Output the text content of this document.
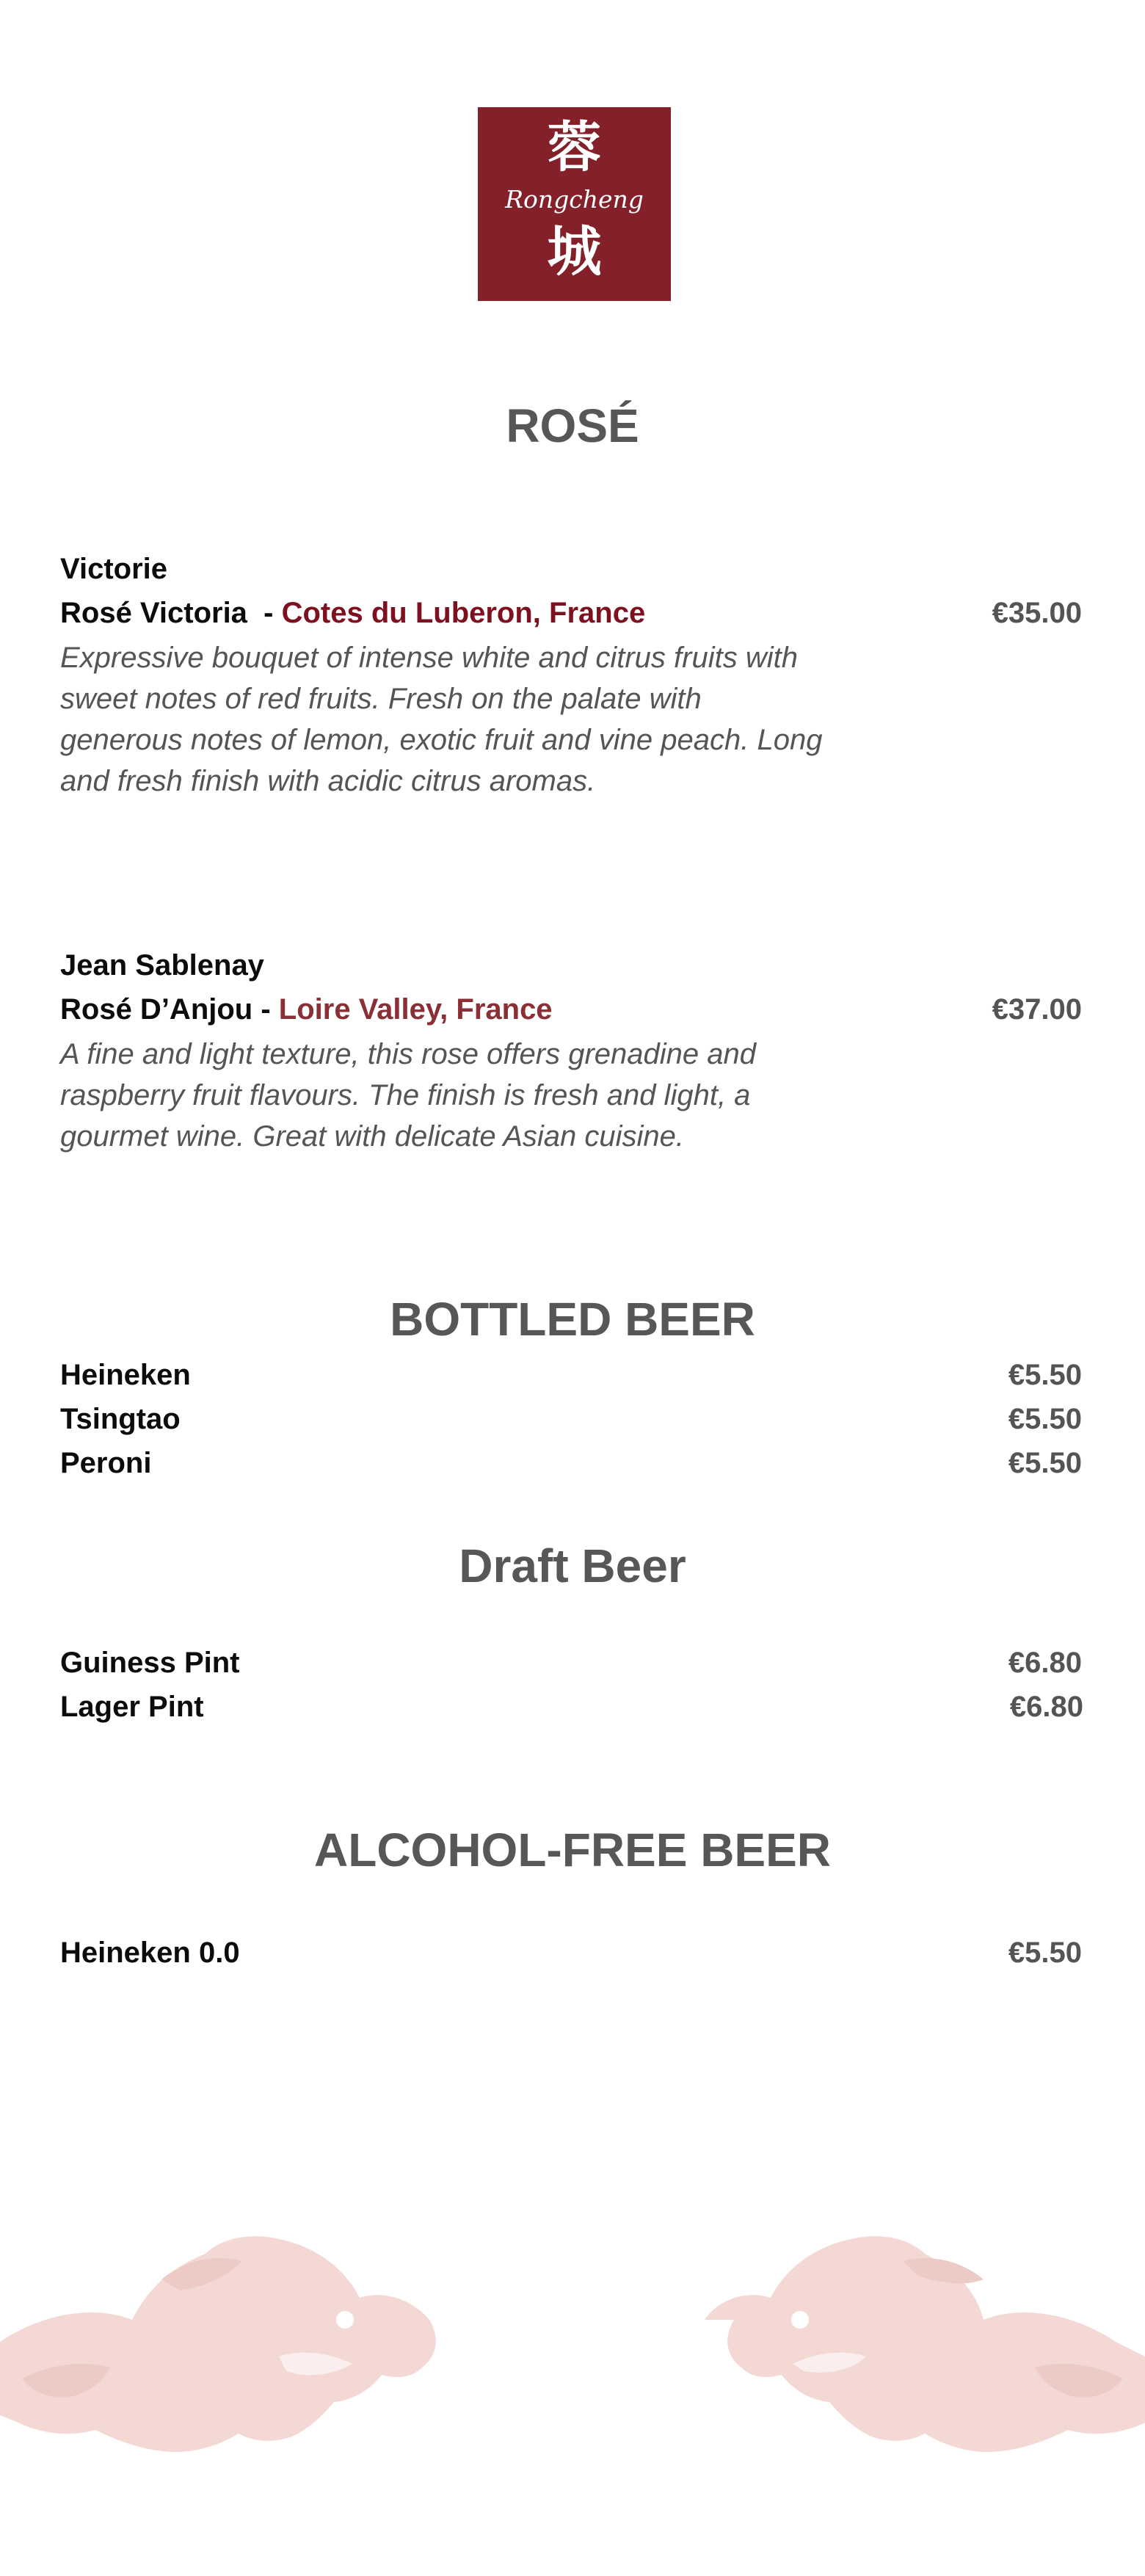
蓉
Rongcheng
城
ROSÉ
Victorie
Rosé Victoria  - Cotes du Luberon, France	€35.00
Expressive bouquet of intense white and citrus fruits with
sweet notes of red fruits. Fresh on the palate with
generous notes of lemon, exotic fruit and vine peach. Long
and fresh finish with acidic citrus aromas.
Jean Sablenay
Rosé D’Anjou - Loire Valley, France	€37.00
A fine and light texture, this rose offers grenadine and
raspberry fruit flavours. The finish is fresh and light, a
gourmet wine. Great with delicate Asian cuisine.
BOTTLED BEER
Heineken	€5.50
Tsingtao	€5.50
Peroni	€5.50
Draft Beer
Guiness Pint	€6.80
Lager Pint	€6.80
ALCOHOL-FREE BEER
Heineken 0.0	€5.50
